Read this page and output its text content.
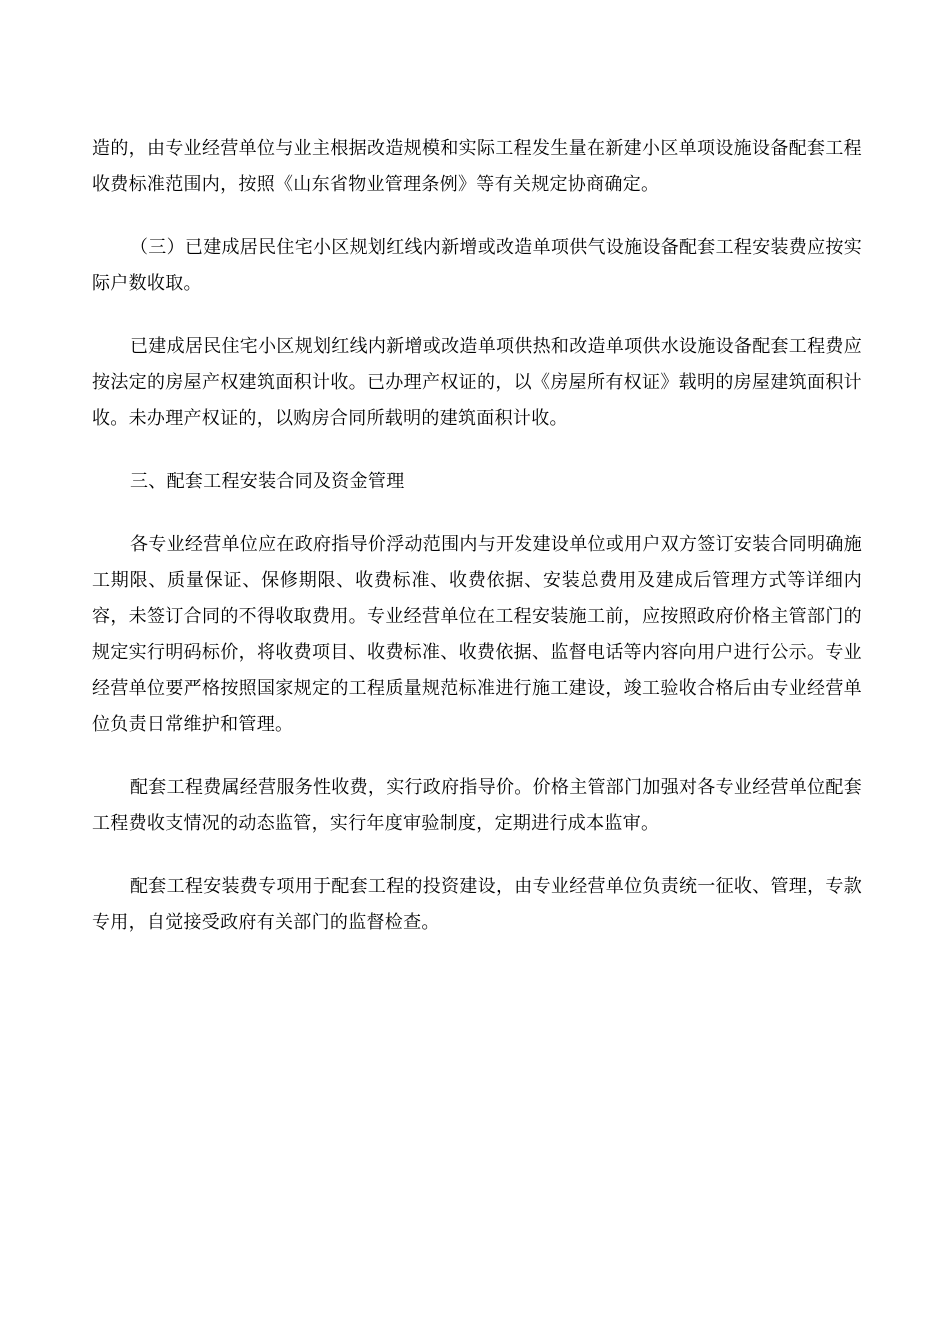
造的，由专业经营单位与业主根据改造规模和实际工程发生量在新建小区单项设施设备配套工程收费标准范围内，按照《山东省物业管理条例》等有关规定协商确定。

（三）已建成居民住宅小区规划红线内新增或改造单项供气设施设备配套工程安装费应按实际户数收取。

已建成居民住宅小区规划红线内新增或改造单项供热和改造单项供水设施设备配套工程费应按法定的房屋产权建筑面积计收。已办理产权证的，以《房屋所有权证》载明的房屋建筑面积计收。未办理产权证的，以购房合同所载明的建筑面积计收。

三、配套工程安装合同及资金管理

各专业经营单位应在政府指导价浮动范围内与开发建设单位或用户双方签订安装合同明确施工期限、质量保证、保修期限、收费标准、收费依据、安装总费用及建成后管理方式等详细内容，未签订合同的不得收取费用。专业经营单位在工程安装施工前，应按照政府价格主管部门的规定实行明码标价，将收费项目、收费标准、收费依据、监督电话等内容向用户进行公示。专业经营单位要严格按照国家规定的工程质量规范标准进行施工建设，竣工验收合格后由专业经营单位负责日常维护和管理。

配套工程费属经营服务性收费，实行政府指导价。价格主管部门加强对各专业经营单位配套工程费收支情况的动态监管，实行年度审验制度，定期进行成本监审。

配套工程安装费专项用于配套工程的投资建设，由专业经营单位负责统一征收、管理，专款专用，自觉接受政府有关部门的监督检查。
